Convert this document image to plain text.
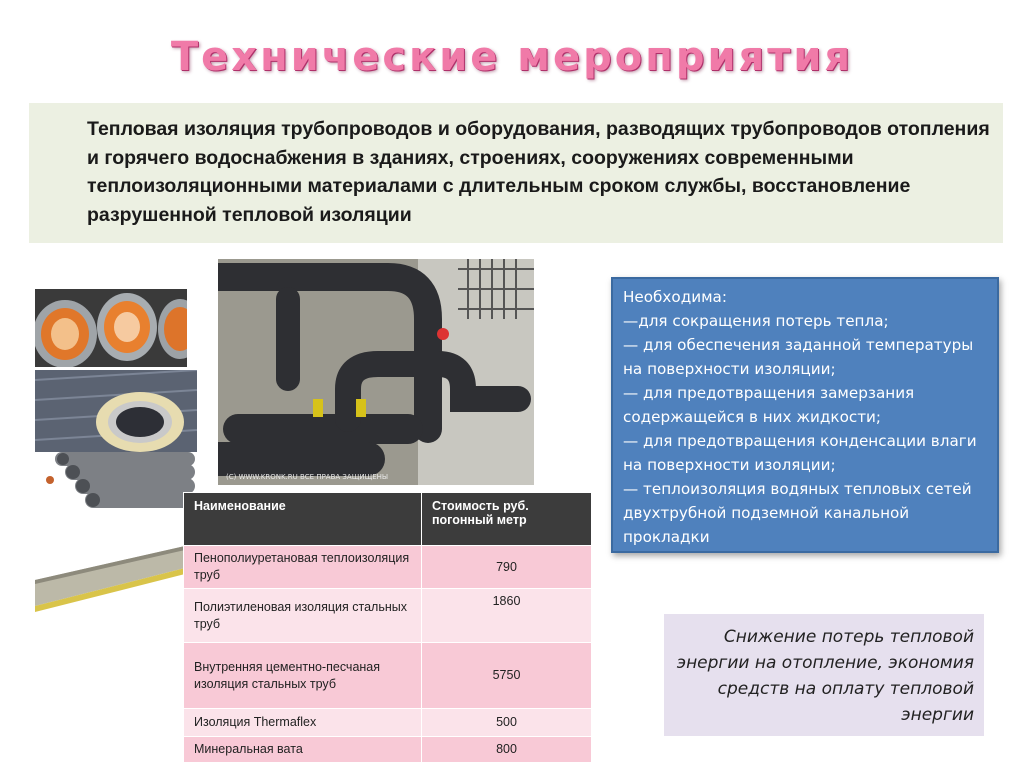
Технические мероприятия
Тепловая изоляция трубопроводов и оборудования, разводящих трубопроводов отопления и горячего водоснабжения в зданиях, строениях, сооружениях современными теплоизоляционными материалами с длительным сроком службы, восстановление разрушенной тепловой изоляции
(C) WWW.KRONK.RU ВСЕ ПРАВА ЗАЩИЩЕНЫ
Необходима:
—для сокращения потерь тепла;
— для обеспечения заданной температуры на поверхности изоляции;
— для предотвращения замерзания содержащейся в них жидкости;
— для предотвращения конденсации влаги на поверхности изоляции;
— теплоизоляция водяных тепловых сетей двухтрубной подземной канальной прокладки
Наименование	Стоимость руб. погонный метр
Пенополиуретановая теплоизоляция труб	790
Полиэтиленовая изоляция стальных труб	1860
Внутренняя цементно-песчаная изоляция стальных труб	5750
Изоляция Thermaflex	500
Минеральная вата	800
Снижение потерь тепловой энергии на отопление, экономия средств на оплату тепловой энергии
